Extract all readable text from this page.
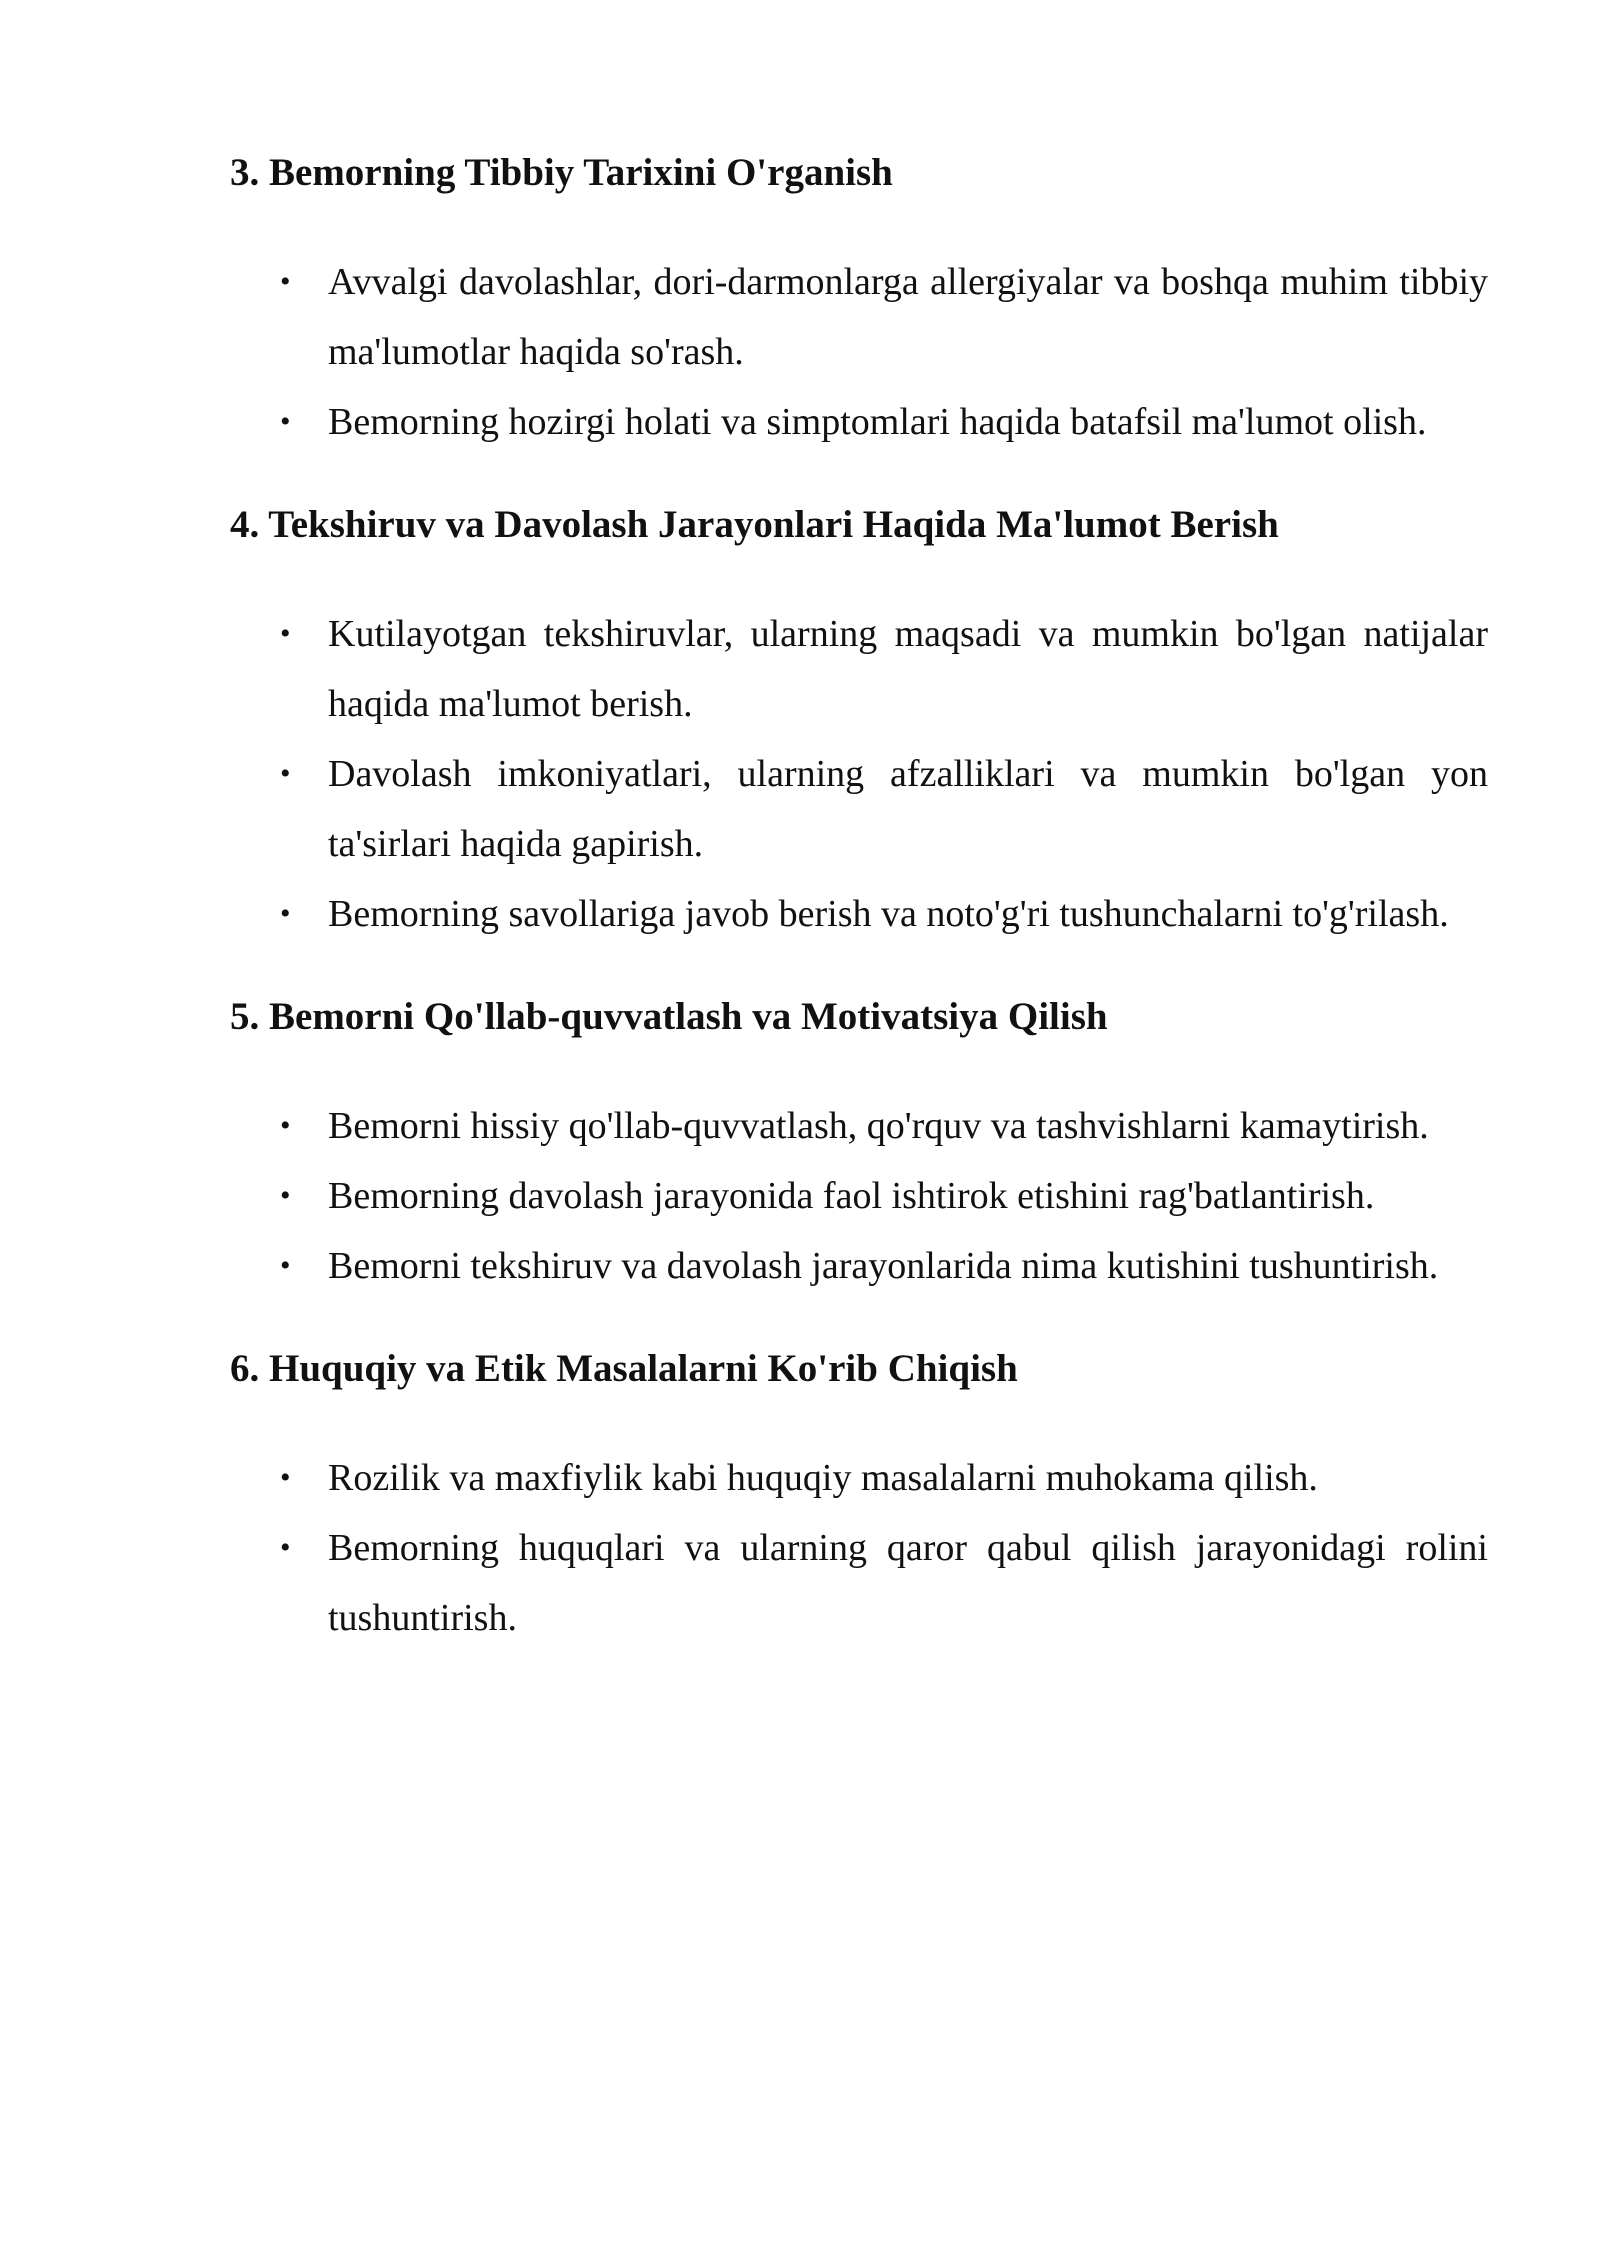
3. Bemorning Tibbiy Tarixini O'rganish
• Avvalgi davolashlar, dori-darmonlarga allergiyalar va boshqa muhim tibbiy ma'lumotlar haqida so'rash.
• Bemorning hozirgi holati va simptomlari haqida batafsil ma'lumot olish.
4. Tekshiruv va Davolash Jarayonlari Haqida Ma'lumot Berish
• Kutilayotgan tekshiruvlar, ularning maqsadi va mumkin bo'lgan natijalar haqida ma'lumot berish.
• Davolash imkoniyatlari, ularning afzalliklari va mumkin bo'lgan yon ta'sirlari haqida gapirish.
• Bemorning savollariga javob berish va noto'g'ri tushunchalarni to'g'rilash.
5. Bemorni Qo'llab-quvvatlash va Motivatsiya Qilish
• Bemorni hissiy qo'llab-quvvatlash, qo'rquv va tashvishlarni kamaytirish.
• Bemorning davolash jarayonida faol ishtirok etishini rag'batlantirish.
• Bemorni tekshiruv va davolash jarayonlarida nima kutishini tushuntirish.
6. Huquqiy va Etik Masalalarni Ko'rib Chiqish
• Rozilik va maxfiylik kabi huquqiy masalalarni muhokama qilish.
• Bemorning huquqlari va ularning qaror qabul qilish jarayonidagi rolini tushuntirish.
